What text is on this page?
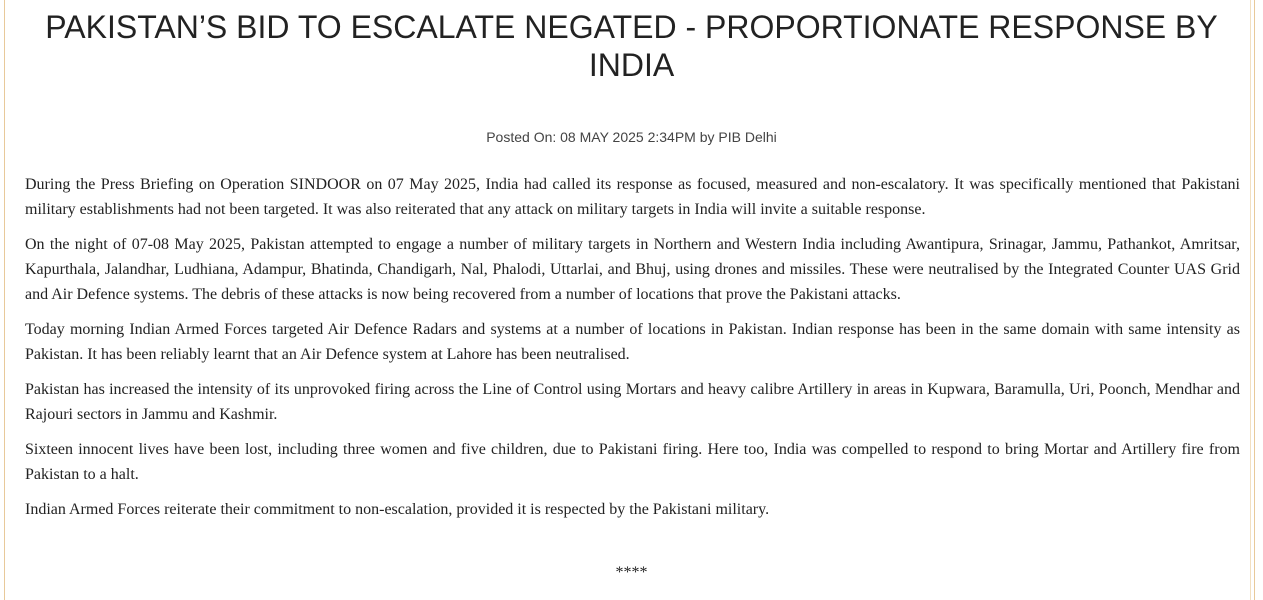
PAKISTAN’S BID TO ESCALATE NEGATED - PROPORTIONATE RESPONSE BY INDIA
Posted On: 08 MAY 2025 2:34PM by PIB Delhi

During the Press Briefing on Operation SINDOOR on 07 May 2025, India had called its response as focused, measured and non-escalatory. It was specifically mentioned that Pakistani military establishments had not been targeted. It was also reiterated that any attack on military targets in India will invite a suitable response.

On the night of 07-08 May 2025, Pakistan attempted to engage a number of military targets in Northern and Western India including Awantipura, Srinagar, Jammu, Pathankot, Amritsar, Kapurthala, Jalandhar, Ludhiana, Adampur, Bhatinda, Chandigarh, Nal, Phalodi, Uttarlai, and Bhuj, using drones and missiles. These were neutralised by the Integrated Counter UAS Grid and Air Defence systems. The debris of these attacks is now being recovered from a number of locations that prove the Pakistani attacks.

Today morning Indian Armed Forces targeted Air Defence Radars and systems at a number of locations in Pakistan. Indian response has been in the same domain with same intensity as Pakistan. It has been reliably learnt that an Air Defence system at Lahore has been neutralised.

Pakistan has increased the intensity of its unprovoked firing across the Line of Control using Mortars and heavy calibre Artillery in areas in Kupwara, Baramulla, Uri, Poonch, Mendhar and Rajouri sectors in Jammu and Kashmir.

Sixteen innocent lives have been lost, including three women and five children, due to Pakistani firing. Here too, India was compelled to respond to bring Mortar and Artillery fire from Pakistan to a halt.

Indian Armed Forces reiterate their commitment to non-escalation, provided it is respected by the Pakistani military.

****
